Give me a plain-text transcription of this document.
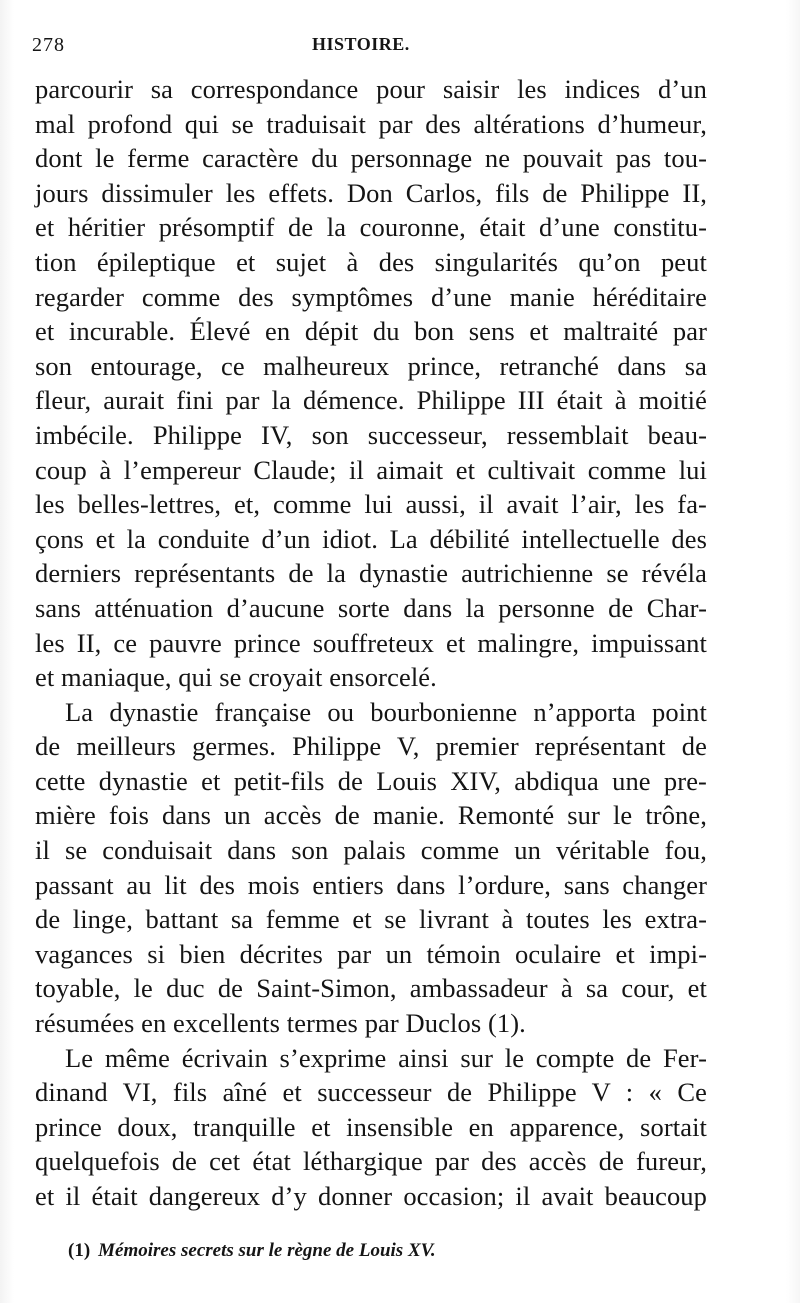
278	HISTOIRE.

parcourir sa correspondance pour saisir les indices d’un
mal profond qui se traduisait par des altérations d’humeur,
dont le ferme caractère du personnage ne pouvait pas tou-
jours dissimuler les effets. Don Carlos, fils de Philippe II,
et héritier présomptif de la couronne, était d’une constitu-
tion épileptique et sujet à des singularités qu’on peut
regarder comme des symptômes d’une manie héréditaire
et incurable. Élevé en dépit du bon sens et maltraité par
son entourage, ce malheureux prince, retranché dans sa
fleur, aurait fini par la démence. Philippe III était à moitié
imbécile. Philippe IV, son successeur, ressemblait beau-
coup à l’empereur Claude; il aimait et cultivait comme lui
les belles-lettres, et, comme lui aussi, il avait l’air, les fa-
çons et la conduite d’un idiot. La débilité intellectuelle des
derniers représentants de la dynastie autrichienne se révéla
sans atténuation d’aucune sorte dans la personne de Char-
les II, ce pauvre prince souffreteux et malingre, impuissant
et maniaque, qui se croyait ensorcelé.

La dynastie française ou bourbonienne n’apporta point
de meilleurs germes. Philippe V, premier représentant de
cette dynastie et petit-fils de Louis XIV, abdiqua une pre-
mière fois dans un accès de manie. Remonté sur le trône,
il se conduisait dans son palais comme un véritable fou,
passant au lit des mois entiers dans l’ordure, sans changer
de linge, battant sa femme et se livrant à toutes les extra-
vagances si bien décrites par un témoin oculaire et impi-
toyable, le duc de Saint-Simon, ambassadeur à sa cour, et
résumées en excellents termes par Duclos (1).

Le même écrivain s’exprime ainsi sur le compte de Fer-
dinand VI, fils aîné et successeur de Philippe V : « Ce
prince doux, tranquille et insensible en apparence, sortait
quelquefois de cet état léthargique par des accès de fureur,
et il était dangereux d’y donner occasion; il avait beaucoup

(1) Mémoires secrets sur le règne de Louis XV.
